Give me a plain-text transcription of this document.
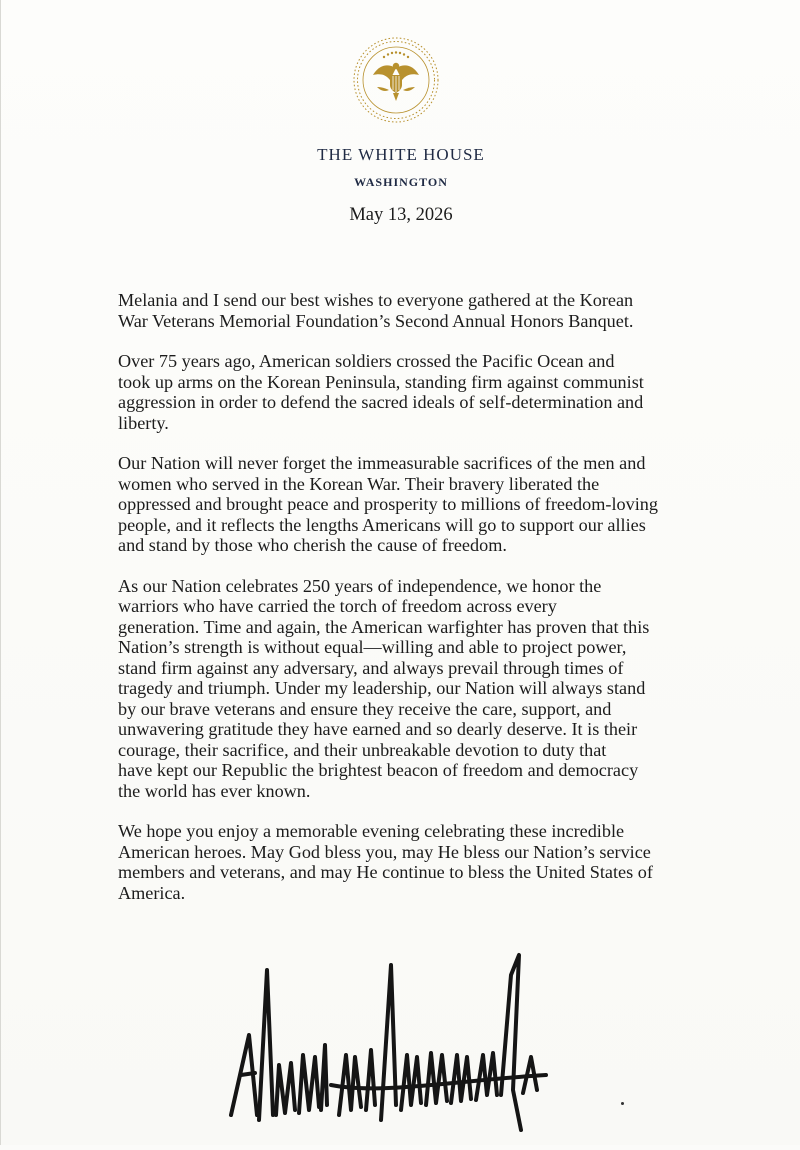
THE WHITE HOUSE
WASHINGTON
May 13, 2026

Melania and I send our best wishes to everyone gathered at the Korean
War Veterans Memorial Foundation’s Second Annual Honors Banquet.

Over 75 years ago, American soldiers crossed the Pacific Ocean and
took up arms on the Korean Peninsula, standing firm against communist
aggression in order to defend the sacred ideals of self-determination and
liberty.

Our Nation will never forget the immeasurable sacrifices of the men and
women who served in the Korean War. Their bravery liberated the
oppressed and brought peace and prosperity to millions of freedom-loving
people, and it reflects the lengths Americans will go to support our allies
and stand by those who cherish the cause of freedom.

As our Nation celebrates 250 years of independence, we honor the
warriors who have carried the torch of freedom across every
generation. Time and again, the American warfighter has proven that this
Nation’s strength is without equal—willing and able to project power,
stand firm against any adversary, and always prevail through times of
tragedy and triumph. Under my leadership, our Nation will always stand
by our brave veterans and ensure they receive the care, support, and
unwavering gratitude they have earned and so dearly deserve. It is their
courage, their sacrifice, and their unbreakable devotion to duty that
have kept our Republic the brightest beacon of freedom and democracy
the world has ever known.

We hope you enjoy a memorable evening celebrating these incredible
American heroes. May God bless you, may He bless our Nation’s service
members and veterans, and may He continue to bless the United States of
America.
